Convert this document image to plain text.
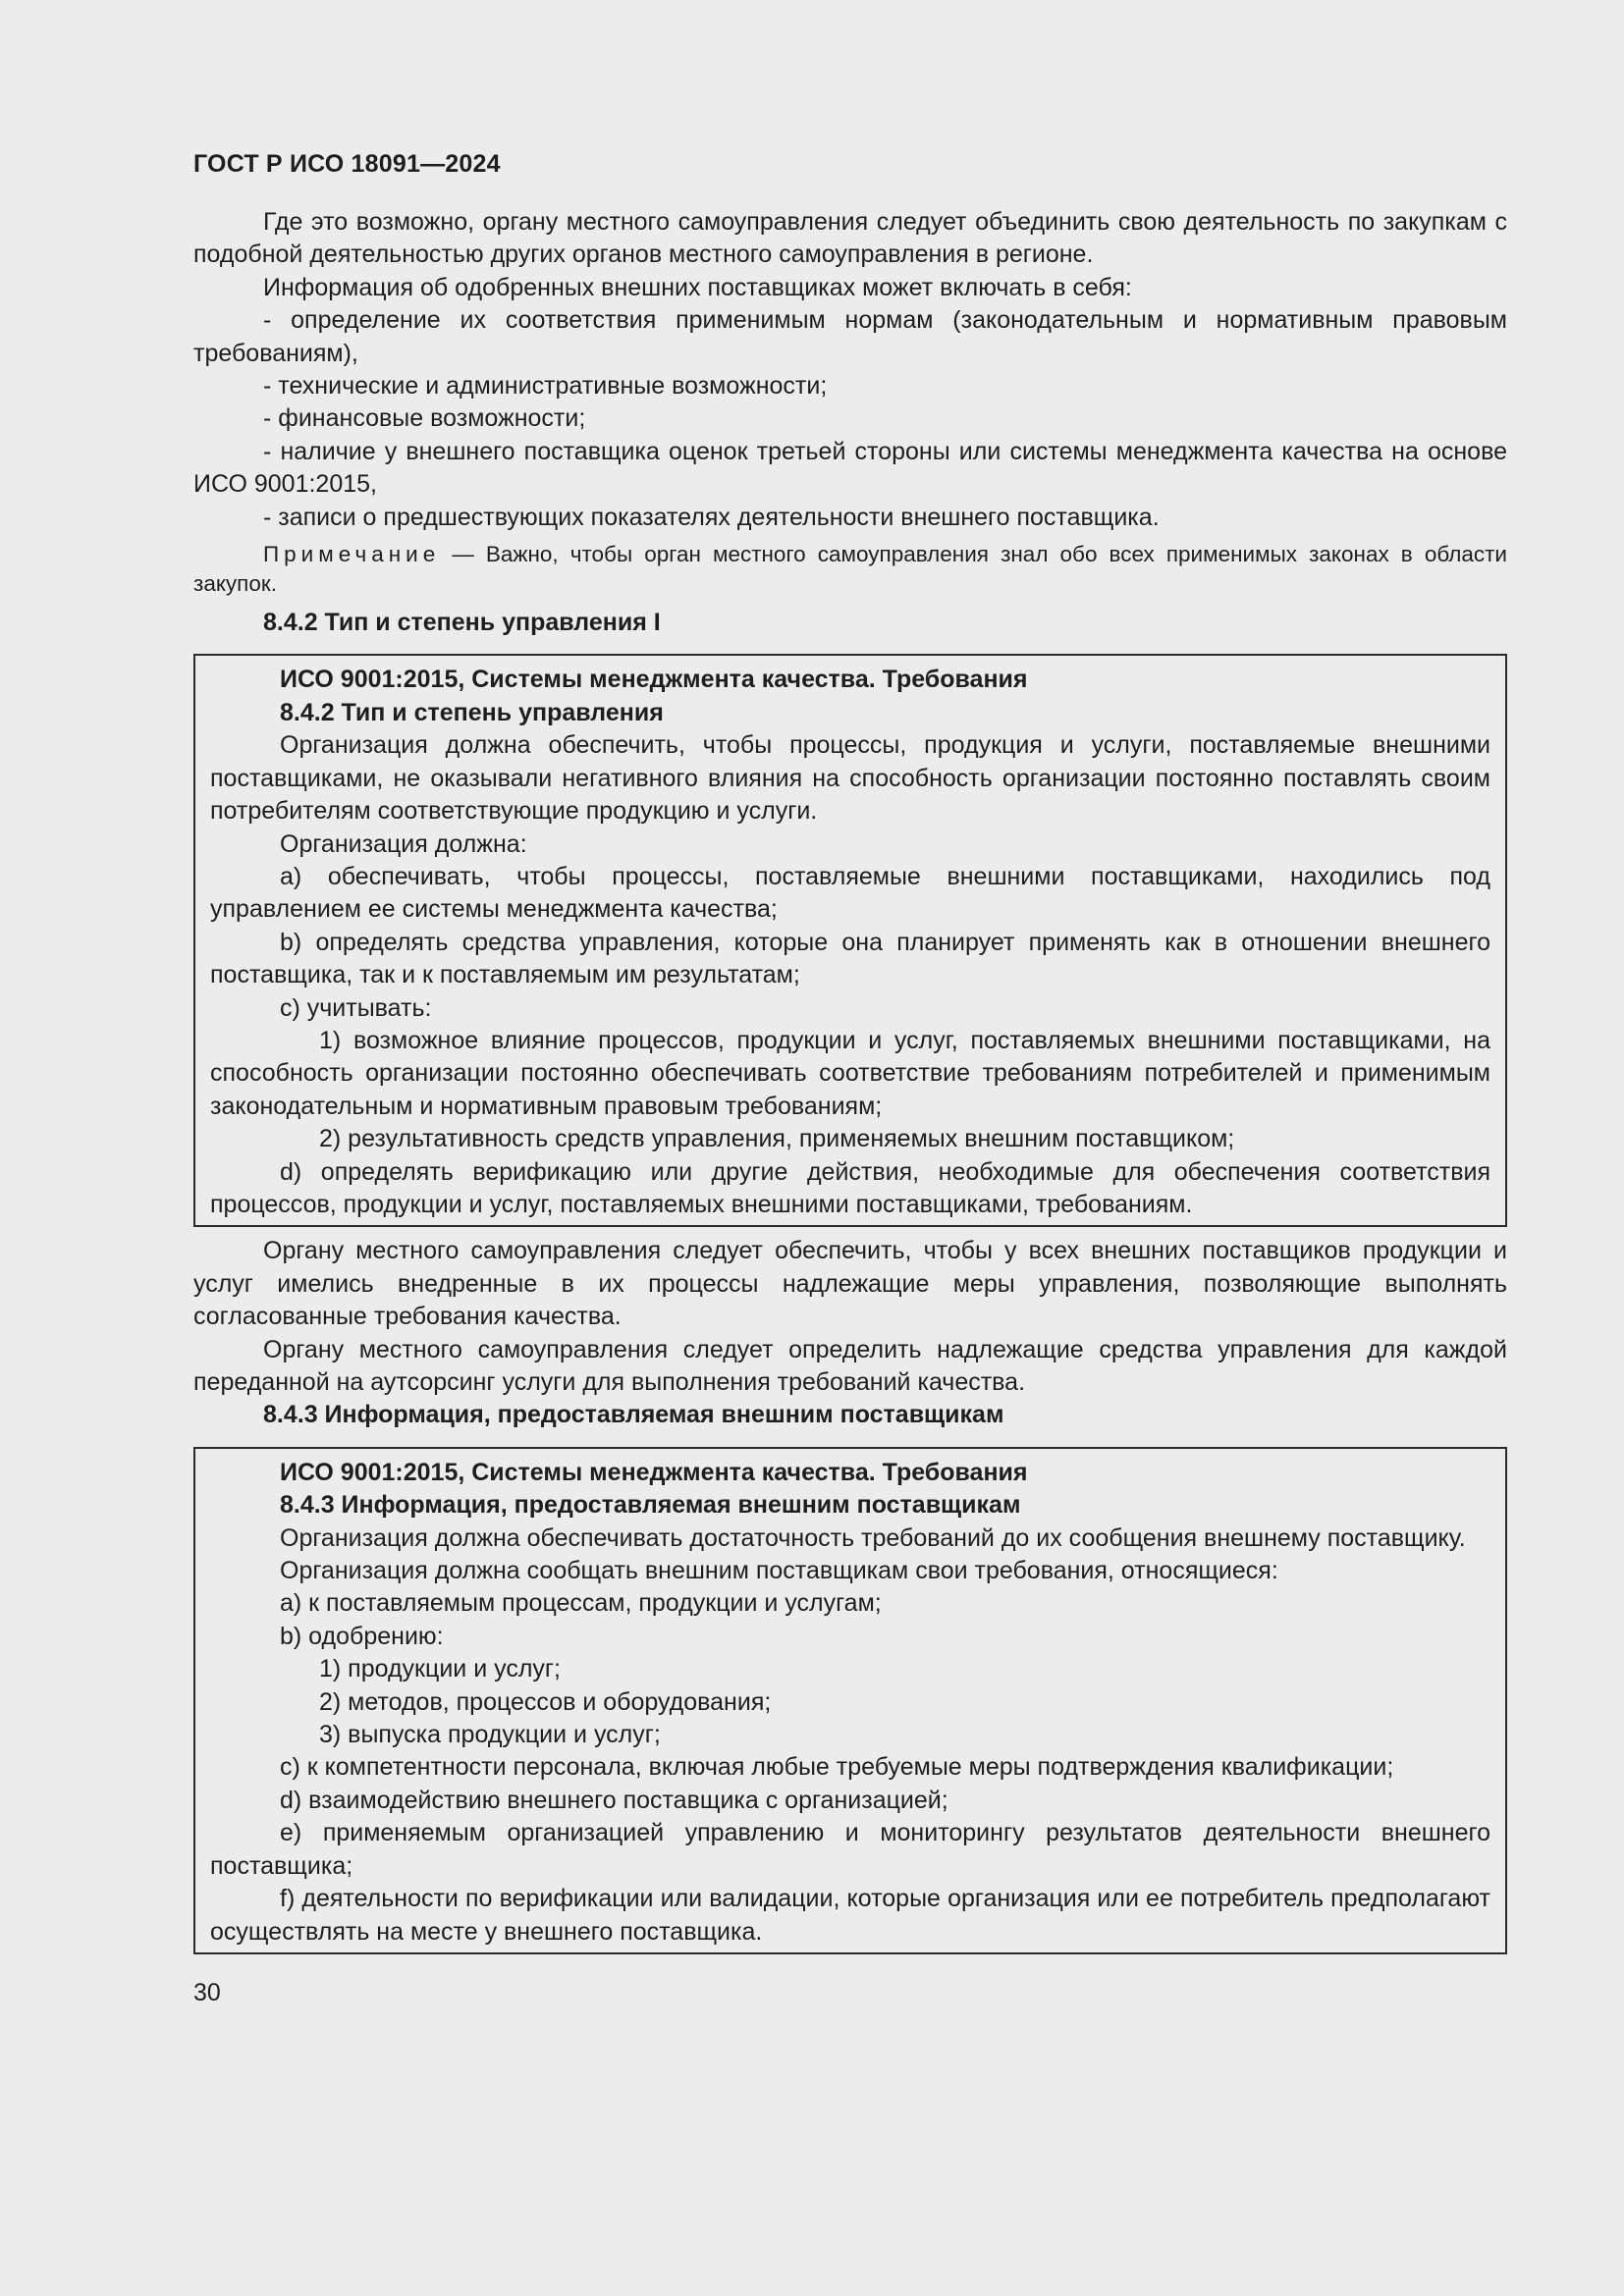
ГОСТ Р ИСО 18091—2024

Где это возможно, органу местного самоуправления следует объединить свою деятельность по закупкам с подобной деятельностью других органов местного самоуправления в регионе.

Информация об одобренных внешних поставщиках может включать в себя:

- определение их соответствия применимым нормам (законодательным и нормативным правовым требованиям),

- технические и административные возможности;

- финансовые возможности;

- наличие у внешнего поставщика оценок третьей стороны или системы менеджмента качества на основе ИСО 9001:2015,

- записи о предшествующих показателях деятельности внешнего поставщика.

Примечание — Важно, чтобы орган местного самоуправления знал обо всех применимых законах в области закупок.

8.4.2 Тип и степень управления I

ИСО 9001:2015, Системы менеджмента качества. Требования

8.4.2 Тип и степень управления

Организация должна обеспечить, чтобы процессы, продукция и услуги, поставляемые внешними поставщиками, не оказывали негативного влияния на способность организации постоянно поставлять своим потребителям соответствующие продукцию и услуги.

Организация должна:

a) обеспечивать, чтобы процессы, поставляемые внешними поставщиками, находились под управлением ее системы менеджмента качества;

b) определять средства управления, которые она планирует применять как в отношении внешнего поставщика, так и к поставляемым им результатам;

c) учитывать:

1) возможное влияние процессов, продукции и услуг, поставляемых внешними поставщиками, на способность организации постоянно обеспечивать соответствие требованиям потребителей и применимым законодательным и нормативным правовым требованиям;

2) результативность средств управления, применяемых внешним поставщиком;

d) определять верификацию или другие действия, необходимые для обеспечения соответствия процессов, продукции и услуг, поставляемых внешними поставщиками, требованиям.

Органу местного самоуправления следует обеспечить, чтобы у всех внешних поставщиков продукции и услуг имелись внедренные в их процессы надлежащие меры управления, позволяющие выполнять согласованные требования качества.

Органу местного самоуправления следует определить надлежащие средства управления для каждой переданной на аутсорсинг услуги для выполнения требований качества.

8.4.3 Информация, предоставляемая внешним поставщикам

ИСО 9001:2015, Системы менеджмента качества. Требования

8.4.3 Информация, предоставляемая внешним поставщикам

Организация должна обеспечивать достаточность требований до их сообщения внешнему поставщику.

Организация должна сообщать внешним поставщикам свои требования, относящиеся:

a) к поставляемым процессам, продукции и услугам;

b) одобрению:

1) продукции и услуг;

2) методов, процессов и оборудования;

3) выпуска продукции и услуг;

c) к компетентности персонала, включая любые требуемые меры подтверждения квалификации;

d) взаимодействию внешнего поставщика с организацией;

e) применяемым организацией управлению и мониторингу результатов деятельности внешнего поставщика;

f) деятельности по верификации или валидации, которые организация или ее потребитель предполагают осуществлять на месте у внешнего поставщика.

30
